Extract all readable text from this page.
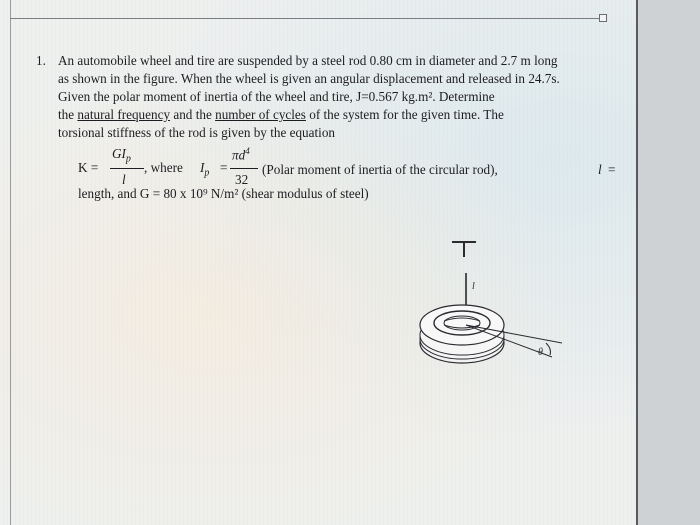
1. An automobile wheel and tire are suspended by a steel rod 0.80 cm in diameter and 2.7 m long
as shown in the figure. When the wheel is given an angular displacement and released in 24.7s.
Given the polar moment of inertia of the wheel and tire, J=0.567 kg.m². Determine
the natural frequency and the number of cycles of the system for the given time. The
torsional stiffness of the rod is given by the equation
K =
$GI_p$
l
, where $I_p$ =
$\pi d^4$
32
(Polar moment of inertia of the circular rod),	l =
length, and G = 80 x 10⁹ N/m² (shear modulus of steel)
l
θ
